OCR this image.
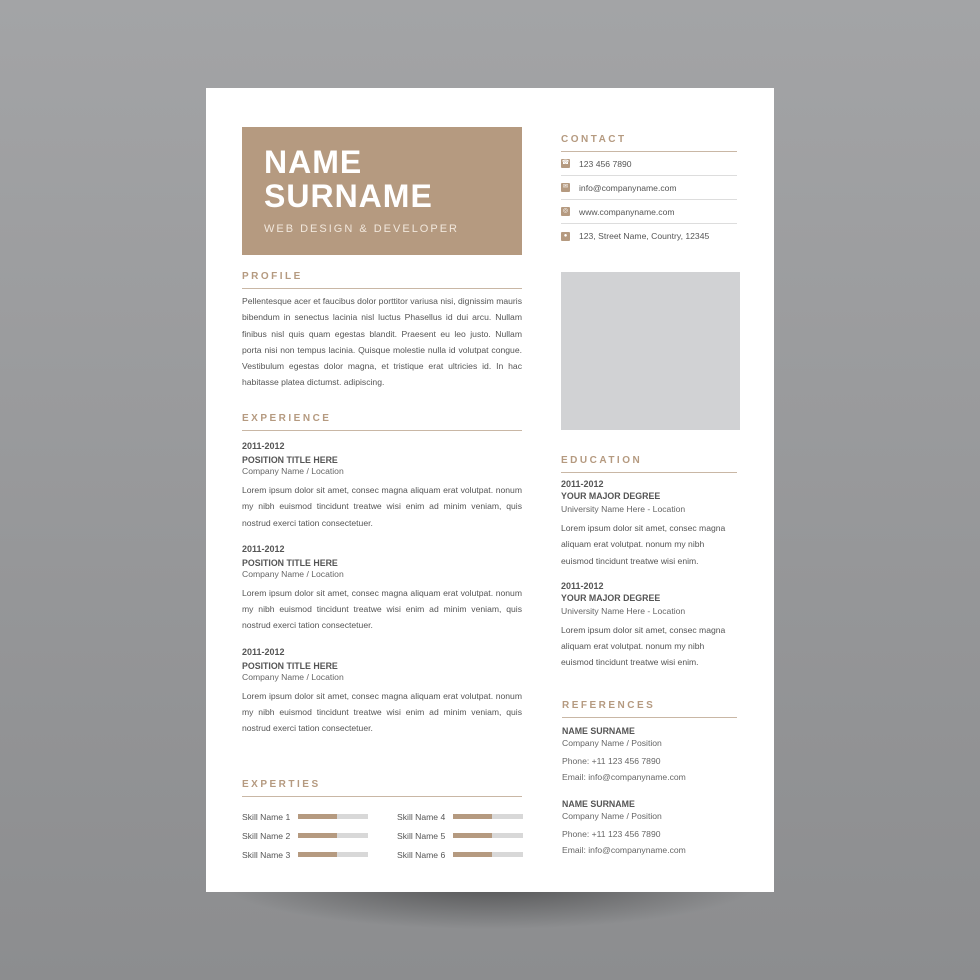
NAME
SURNAME
WEB DESIGN & DEVELOPER
PROFILE
Pellentesque acer et faucibus dolor porttitor variusa nisi, dignissim mauris bibendum in senectus lacinia nisl luctus Phasellus id dui arcu. Nullam finibus nisl quis quam egestas blandit. Praesent eu leo justo. Nullam porta nisi non tempus lacinia. Quisque molestie nulla id volutpat congue. Vestibulum egestas dolor magna, et tristique erat ultricies id. In hac habitasse platea dictumst. adipiscing.
EXPERIENCE
2011-2012
POSITION TITLE HERE
Company Name / Location
Lorem ipsum dolor sit amet, consec magna aliquam erat volutpat. nonum my nibh euismod tincidunt treatwe wisi enim ad minim veniam, quis nostrud exerci tation consectetuer.
2011-2012
POSITION TITLE HERE
Company Name / Location
Lorem ipsum dolor sit amet, consec magna aliquam erat volutpat. nonum my nibh euismod tincidunt treatwe wisi enim ad minim veniam, quis nostrud exerci tation consectetuer.
2011-2012
POSITION TITLE HERE
Company Name / Location
Lorem ipsum dolor sit amet, consec magna aliquam erat volutpat. nonum my nibh euismod tincidunt treatwe wisi enim ad minim veniam, quis nostrud exerci tation consectetuer.
EXPERTIES
Skill Name 1
Skill Name 2
Skill Name 3
Skill Name 4
Skill Name 5
Skill Name 6
CONTACT
☎ 123 456 7890
✉ info@companyname.com
◎ www.companyname.com
●	123, Street Name, Country, 12345
EDUCATION
2011-2012
YOUR MAJOR DEGREE
University Name Here - Location
Lorem ipsum dolor sit amet, consec magna aliquam erat volutpat. nonum my nibh euismod tincidunt treatwe wisi enim.
2011-2012
YOUR MAJOR DEGREE
University Name Here - Location
Lorem ipsum dolor sit amet, consec magna aliquam erat volutpat. nonum my nibh euismod tincidunt treatwe wisi enim.
REFERENCES
NAME SURNAME
Company Name / Position
Phone: +11 123 456 7890
Email: info@companyname.com
NAME SURNAME
Company Name / Position
Phone: +11 123 456 7890
Email: info@companyname.com
